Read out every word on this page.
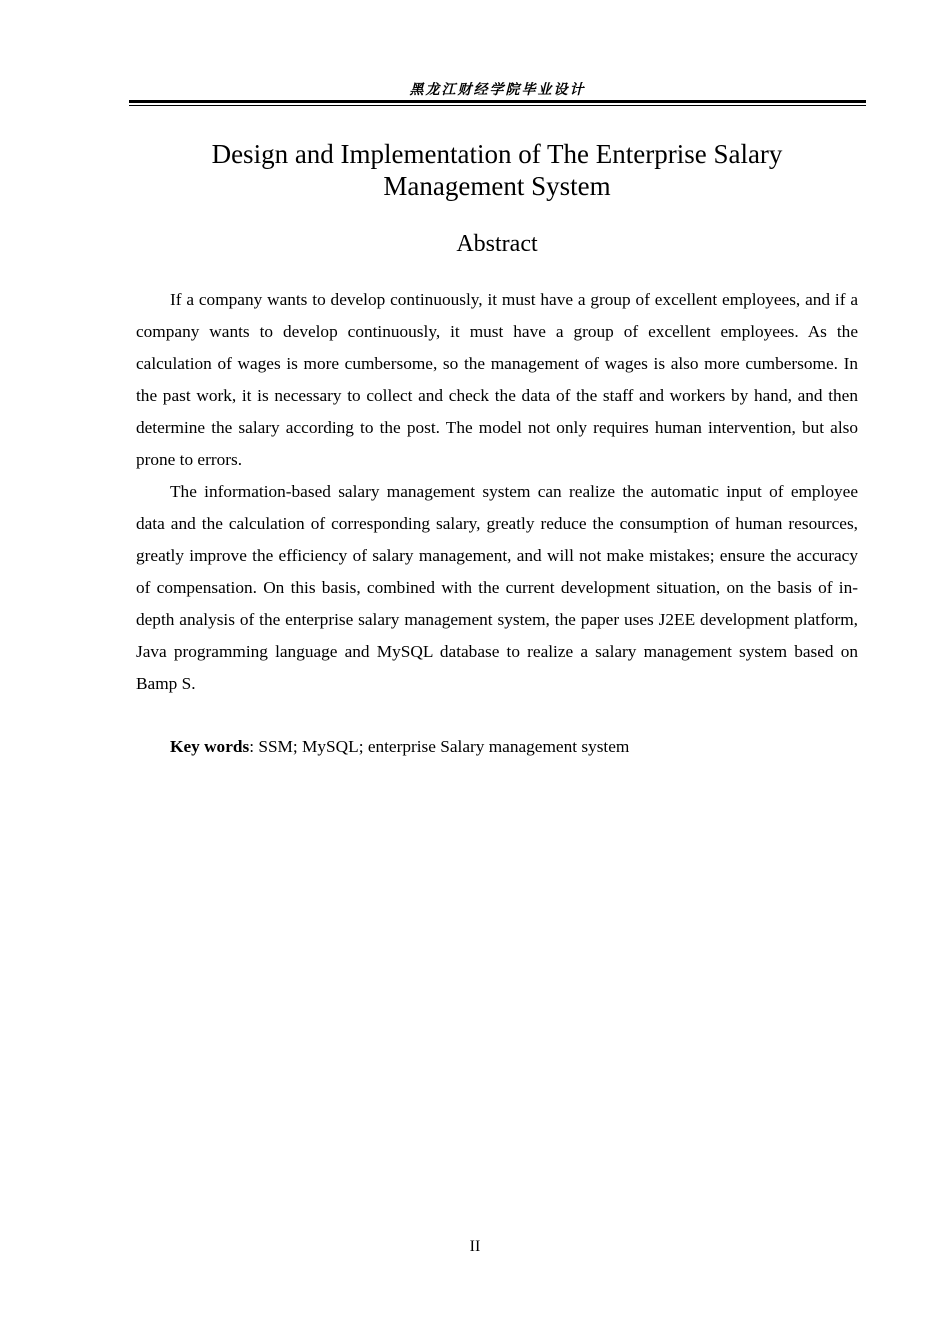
黑龙江财经学院毕业设计
Design and Implementation of The Enterprise Salary
Management System
Abstract

If a company wants to develop continuously, it must have a group of excellent employees, and if a company wants to develop continuously, it must have a group of excellent employees. As the calculation of wages is more cumbersome, so the management of wages is also more cumbersome. In the past work, it is necessary to collect and check the data of the staff and workers by hand, and then determine the salary according to the post. The model not only requires human intervention, but also prone to errors.

The information-based salary management system can realize the automatic input of employee data and the calculation of corresponding salary, greatly reduce the consumption of human resources, greatly improve the efficiency of salary management, and will not make mistakes; ensure the accuracy of compensation. On this basis, combined with the current development situation, on the basis of in-depth analysis of the enterprise salary management system, the paper uses J2EE development platform, Java programming language and MySQL database to realize a salary management system based on Bamp S.

Key words: SSM; MySQL; enterprise Salary management system
II
